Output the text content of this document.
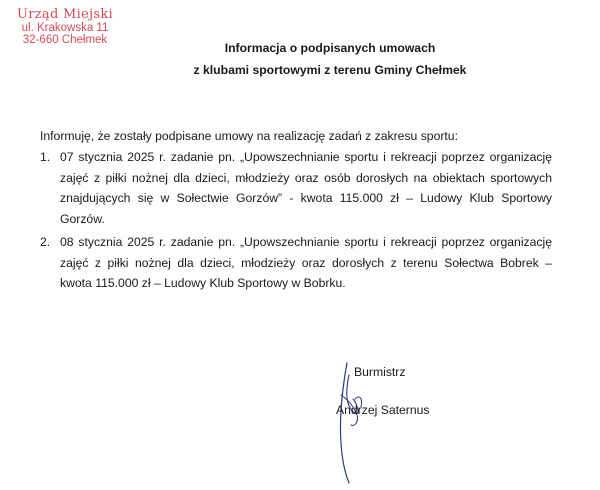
Urząd Miejski
ul. Krakowska 11
32-660 Chełmek
Informacja o podpisanych umowach
z klubami sportowymi z terenu Gminy Chełmek
Informuję, że zostały podpisane umowy na realizację zadań z zakresu sportu:
1. 07 stycznia 2025 r. zadanie pn. „Upowszechnianie sportu i rekreacji poprzez organizację
zajęć z piłki nożnej dla dzieci, młodzieży oraz osób dorosłych na obiektach sportowych
znajdujących się w Sołectwie Gorzów” - kwota 115.000 zł – Ludowy Klub Sportowy
Gorzów.
2. 08 stycznia 2025 r. zadanie pn. „Upowszechnianie sportu i rekreacji poprzez organizację
zajęć z piłki nożnej dla dzieci, młodzieży oraz dorosłych z terenu Sołectwa Bobrek –
kwota 115.000 zł – Ludowy Klub Sportowy w Bobrku.
Burmistrz
Andrzej Saternus
